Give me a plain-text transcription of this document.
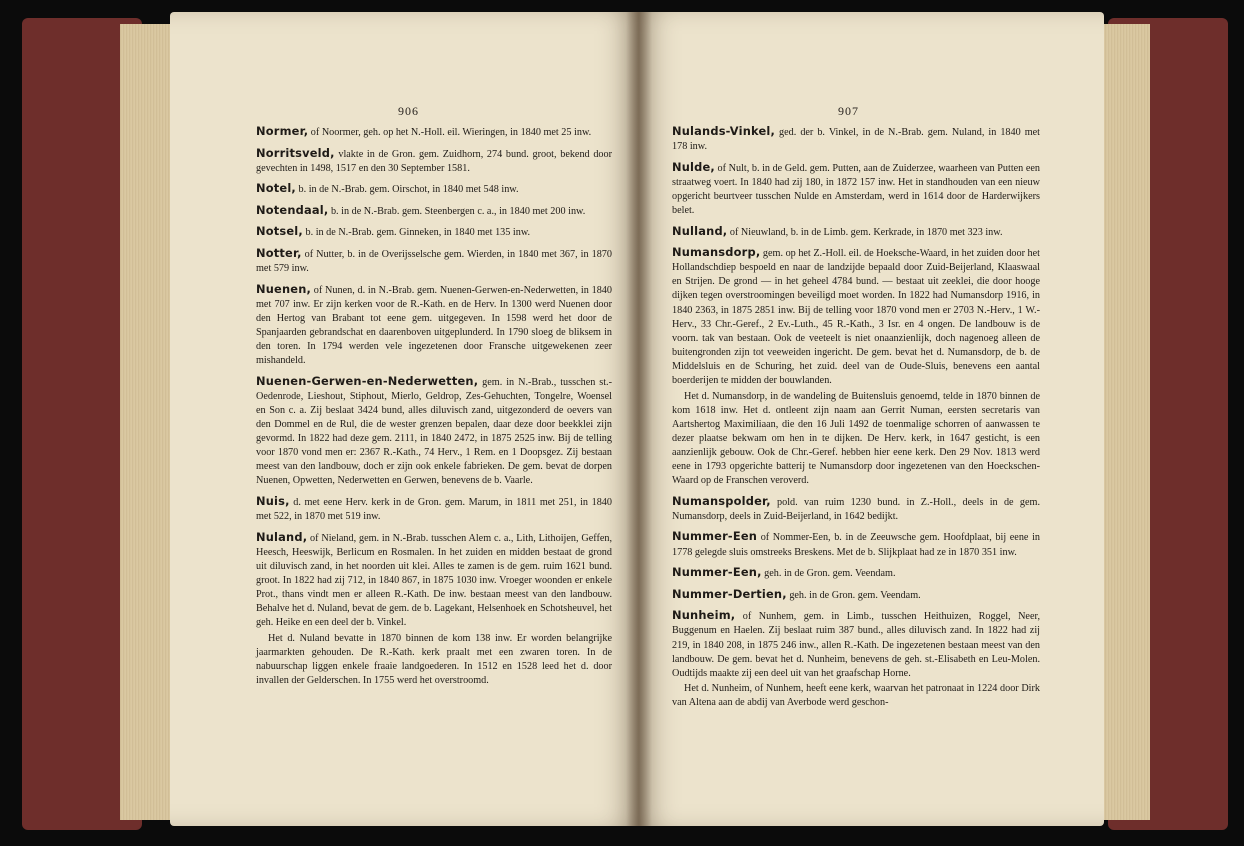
906

Normer, of Noormer, geh. op het N.-Holl. eil. Wieringen, in 1840 met 25 inw.

Norritsveld, vlakte in de Gron. gem. Zuidhorn, 274 bund. groot, bekend door gevechten in 1498, 1517 en den 30 September 1581.

Notel, b. in de N.-Brab. gem. Oirschot, in 1840 met 548 inw.

Notendaal, b. in de N.-Brab. gem. Steenbergen c. a., in 1840 met 200 inw.

Notsel, b. in de N.-Brab. gem. Ginneken, in 1840 met 135 inw.

Notter, of Nutter, b. in de Overijsselsche gem. Wierden, in 1840 met 367, in 1870 met 579 inw.

Nuenen, of Nunen, d. in N.-Brab. gem. Nuenen-Gerwen-en-Nederwetten, in 1840 met 707 inw. Er zijn kerken voor de R.-Kath. en de Herv. In 1300 werd Nuenen door den Hertog van Brabant tot eene gem. uitgegeven. In 1598 werd het door de Spanjaarden gebrandschat en daarenboven uitgeplunderd. In 1790 sloeg de bliksem in den toren. In 1794 werden vele ingezetenen door Fransche uitgewekenen zeer mishandeld.

Nuenen-Gerwen-en-Nederwetten, gem. in N.-Brab., tusschen st.-Oedenrode, Lieshout, Stiphout, Mierlo, Geldrop, Zes-Gehuchten, Tongelre, Woensel en Son c. a. Zij beslaat 3424 bund, alles diluvisch zand, uitgezonderd de oevers van den Dommel en de Rul, die de wester grenzen bepalen, daar deze door beekklei zijn gevormd. In 1822 had deze gem. 2111, in 1840 2472, in 1875 2525 inw. Bij de telling voor 1870 vond men er: 2367 R.-Kath., 74 Herv., 1 Rem. en 1 Doopsgez. Zij bestaan meest van den landbouw, doch er zijn ook enkele fabrieken. De gem. bevat de dorpen Nuenen, Opwetten, Nederwetten en Gerwen, benevens de b. Vaarle.

Nuis, d. met eene Herv. kerk in de Gron. gem. Marum, in 1811 met 251, in 1840 met 522, in 1870 met 519 inw.

Nuland, of Nieland, gem. in N.-Brab. tusschen Alem c. a., Lith, Lithoijen, Geffen, Heesch, Heeswijk, Berlicum en Rosmalen. In het zuiden en midden bestaat de grond uit diluvisch zand, in het noorden uit klei. Alles te zamen is de gem. ruim 1621 bund. groot. In 1822 had zij 712, in 1840 867, in 1875 1030 inw. Vroeger woonden er enkele Prot., thans vindt men er alleen R.-Kath. De inw. bestaan meest van den landbouw. Behalve het d. Nuland, bevat de gem. de b. Lagekant, Helsenhoek en Schotsheuvel, het geh. Heike en een deel der b. Vinkel.

Het d. Nuland bevatte in 1870 binnen de kom 138 inw. Er worden belangrijke jaarmarkten gehouden. De R.-Kath. kerk praalt met een zwaren toren. In de nabuurschap liggen enkele fraaie landgoederen. In 1512 en 1528 leed het d. door invallen der Gelderschen. In 1755 werd het overstroomd.

907

Nulands-Vinkel, ged. der b. Vinkel, in de N.-Brab. gem. Nuland, in 1840 met 178 inw.

Nulde, of Nult, b. in de Geld. gem. Putten, aan de Zuiderzee, waarheen van Putten een straatweg voert. In 1840 had zij 180, in 1872 157 inw. Het in standhouden van een nieuw opgericht beurtveer tusschen Nulde en Amsterdam, werd in 1614 door de Harderwijkers belet.

Nulland, of Nieuwland, b. in de Limb. gem. Kerkrade, in 1870 met 323 inw.

Numansdorp, gem. op het Z.-Holl. eil. de Hoeksche-Waard, in het zuiden door het Hollandschdiep bespoeld en naar de landzijde bepaald door Zuid-Beijerland, Klaaswaal en Strijen. De grond — in het geheel 4784 bund. — bestaat uit zeeklei, die door hooge dijken tegen overstroomingen beveiligd moet worden. In 1822 had Numansdorp 1916, in 1840 2363, in 1875 2851 inw. Bij de telling voor 1870 vond men er 2703 N.-Herv., 1 W.-Herv., 33 Chr.-Geref., 2 Ev.-Luth., 45 R.-Kath., 3 Isr. en 4 ongen. De landbouw is de voorn. tak van bestaan. Ook de veeteelt is niet onaanzienlijk, doch nagenoeg alleen de buitengronden zijn tot veeweiden ingericht. De gem. bevat het d. Numansdorp, de b. de Middelsluis en de Schuring, het zuid. deel van de Oude-Sluis, benevens een aantal boerderijen te midden der bouwlanden.

Het d. Numansdorp, in de wandeling de Buitensluis genoemd, telde in 1870 binnen de kom 1618 inw. Het d. ontleent zijn naam aan Gerrit Numan, eersten secretaris van Aartshertog Maximiliaan, die den 16 Juli 1492 de toenmalige schorren of aanwassen te dezer plaatse bekwam om hen in te dijken. De Herv. kerk, in 1647 gesticht, is een aanzienlijk gebouw. Ook de Chr.-Geref. hebben hier eene kerk. Den 29 Nov. 1813 werd eene in 1793 opgerichte batterij te Numansdorp door ingezetenen van den Hoeckschen-Waard op de Franschen veroverd.

Numanspolder, pold. van ruim 1230 bund. in Z.-Holl., deels in de gem. Numansdorp, deels in Zuid-Beijerland, in 1642 bedijkt.

Nummer-Een of Nommer-Een, b. in de Zeeuwsche gem. Hoofdplaat, bij eene in 1778 gelegde sluis omstreeks Breskens. Met de b. Slijkplaat had ze in 1870 351 inw.

Nummer-Een, geh. in de Gron. gem. Veendam.

Nummer-Dertien, geh. in de Gron. gem. Veendam.

Nunheim, of Nunhem, gem. in Limb., tusschen Heithuizen, Roggel, Neer, Buggenum en Haelen. Zij beslaat ruim 387 bund., alles diluvisch zand. In 1822 had zij 219, in 1840 208, in 1875 246 inw., allen R.-Kath. De ingezetenen bestaan meest van den landbouw. De gem. bevat het d. Nunheim, benevens de geh. st.-Elisabeth en Leu-Molen. Oudtijds maakte zij een deel uit van het graafschap Horne.

Het d. Nunheim, of Nunhem, heeft eene kerk, waarvan het patronaat in 1224 door Dirk van Altena aan de abdij van Averbode werd geschon-
